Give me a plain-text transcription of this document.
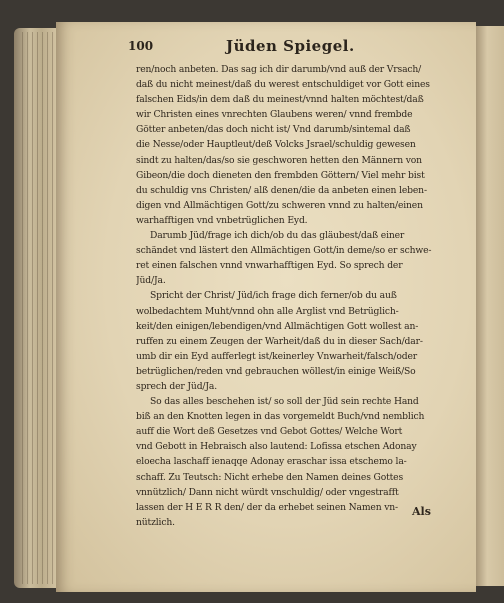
100	Jüden Spiegel.
ren/noch anbeten. Das sag ich dir darumb/vnd auß der Vrsach/
daß du nicht meinest/daß du werest entschuldiget vor Gott eines
falschen Eids/in dem daß du meinest/vnnd halten möchtest/daß
wir Christen eines vnrechten Glaubens weren/ vnnd frembde
Götter anbeten/das doch nicht ist/ Vnd darumb/sintemal daß
die Nesse/oder Hauptleut/deß Volcks Jsrael/schuldig gewesen
sindt zu halten/das/so sie geschworen hetten den Männern von
Gibeon/die doch dieneten den frembden Göttern/ Viel mehr bist
du schuldig vns Christen/ alß denen/die da anbeten einen leben-
digen vnd Allmächtigen Gott/zu schweren vnnd zu halten/einen
warhafftigen vnd vnbetrüglichen Eyd.
Darumb Jüd/frage ich dich/ob du das gläubest/daß einer
schändet vnd lästert den Allmächtigen Gott/in deme/so er schwe-
ret einen falschen vnnd vnwarhafftigen Eyd. So sprech der
Jüd/Ja.
Spricht der Christ/ Jüd/ich frage dich ferner/ob du auß
wolbedachtem Muht/vnnd ohn alle Arglist vnd Betrüglich-
keit/den einigen/lebendigen/vnd Allmächtigen Gott wollest an-
ruffen zu einem Zeugen der Warheit/daß du in dieser Sach/dar-
umb dir ein Eyd aufferlegt ist/keinerley Vnwarheit/falsch/oder
betrüglichen/reden vnd gebrauchen wöllest/in einige Weiß/So
sprech der Jüd/Ja.
So das alles beschehen ist/ so soll der Jüd sein rechte Hand
biß an den Knotten legen in das vorgemeldt Buch/vnd nemblich
auff die Wort deß Gesetzes vnd Gebot Gottes/ Welche Wort
vnd Gebott in Hebraisch also lautend: Lofissa etschen Adonay
eloecha laschaff ienaqqe Adonay eraschar issa etschemo la-
schaff. Zu Teutsch: Nicht erhebe den Namen deines Gottes
vnnützlich/ Dann nicht würdt vnschuldig/ oder vngestrafft
lassen der H E R R den/ der da erhebet seinen Namen vn-
nützlich.
Als
